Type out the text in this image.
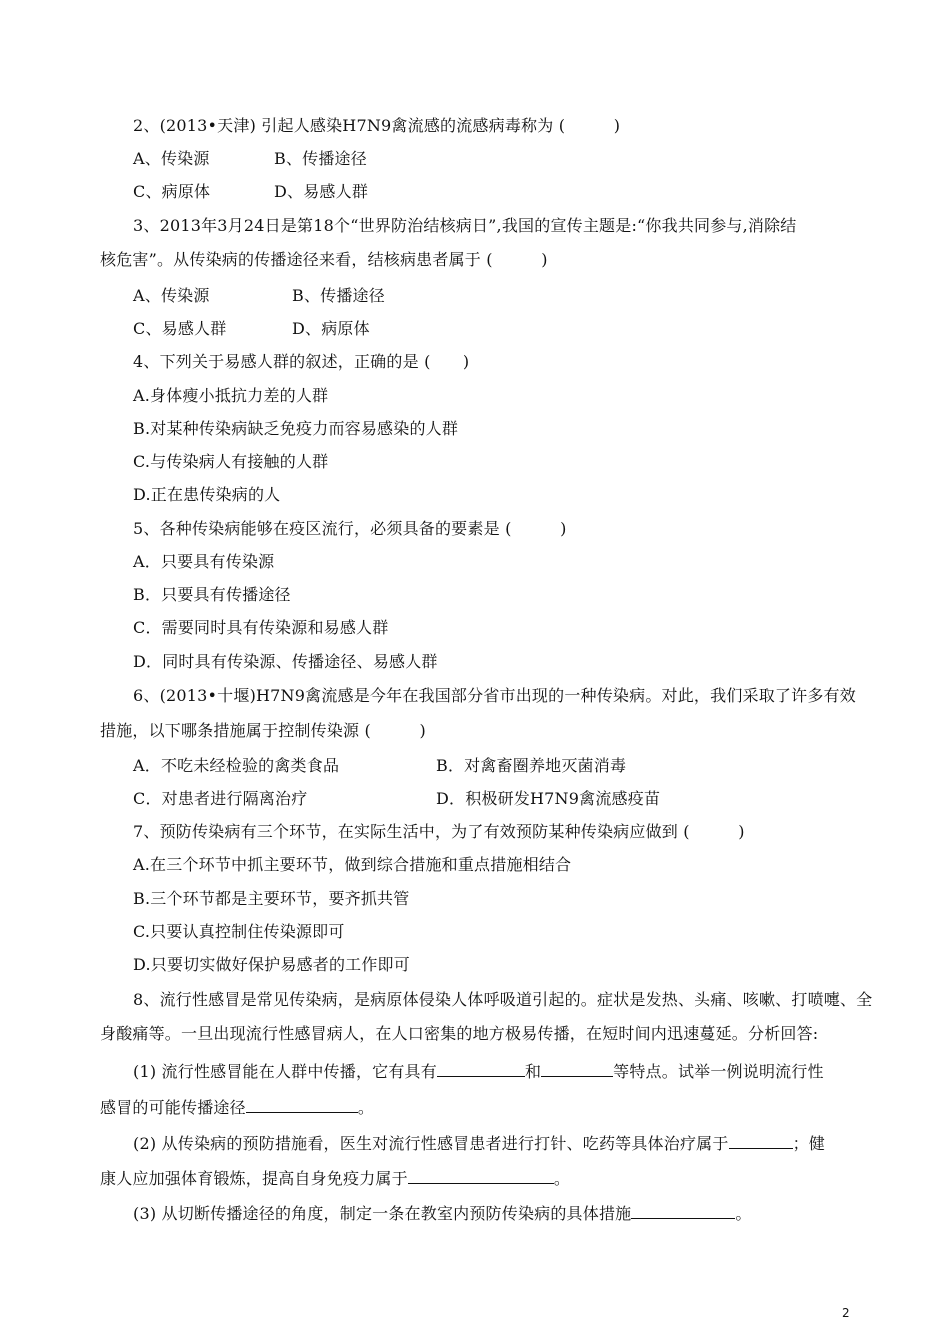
2、(2013•天津) 引起人感染H7N9禽流感的流感病毒称为 (　　　)
A、传染源	B、传播途径
C、病原体	D、易感人群
3、2013年3月24日是第18个“世界防治结核病日”,我国的宣传主题是:“你我共同参与,消除结
核危害”。从传染病的传播途径来看，结核病患者属于 (　　　)
A、传染源	B、传播途径
C、易感人群	D、病原体
4、下列关于易感人群的叙述，正确的是 (　　)
A.身体瘦小抵抗力差的人群
B.对某种传染病缺乏免疫力而容易感染的人群
C.与传染病人有接触的人群
D.正在患传染病的人
5、各种传染病能够在疫区流行，必须具备的要素是 (　　　)
A．只要具有传染源
B．只要具有传播途径
C．需要同时具有传染源和易感人群
D．同时具有传染源、传播途径、易感人群
6、(2013•十堰)H7N9禽流感是今年在我国部分省市出现的一种传染病。对此，我们采取了许多有效
措施，以下哪条措施属于控制传染源 (　　　)
A．不吃未经检验的禽类食品	B．对禽畜圈养地灭菌消毒
C．对患者进行隔离治疗	D．积极研发H7N9禽流感疫苗
7、预防传染病有三个环节，在实际生活中，为了有效预防某种传染病应做到 (　　　)
A.在三个环节中抓主要环节，做到综合措施和重点措施相结合
B.三个环节都是主要环节，要齐抓共管
C.只要认真控制住传染源即可
D.只要切实做好保护易感者的工作即可
8、流行性感冒是常见传染病，是病原体侵染人体呼吸道引起的。症状是发热、头痛、咳嗽、打喷嚏、全
身酸痛等。一旦出现流行性感冒病人，在人口密集的地方极易传播，在短时间内迅速蔓延。分析回答:
(1) 流行性感冒能在人群中传播，它有具有	和	等特点。试举一例说明流行性
感冒的可能传播途径	。
(2) 从传染病的预防措施看，医生对流行性感冒患者进行打针、吃药等具体治疗属于	；健
康人应加强体育锻炼，提高自身免疫力属于	。
(3) 从切断传播途径的角度，制定一条在教室内预防传染病的具体措施	。
2
